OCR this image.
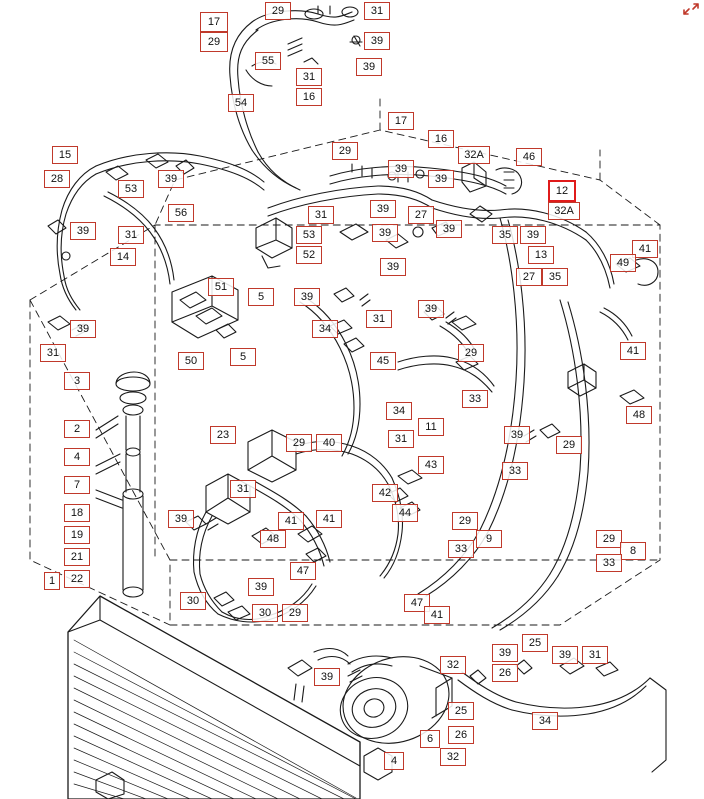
17
29
29	31
39
39
55
31
16
54
17
16
15
28
29
39
39
32A	46
12
32A
53
39
56	31
53
39	27
39	35	39
13
39	31
14
39
52
39
27	35
41
49
51
5	39
39
39
31
34
31
29	41
50	5	45
33
48
3
2
4
7
18
19
21
1	22
34
11
31
23
29	40
39
29
43
42
44
33
31
39	41	41
48
47
29
9
33
29
8
33
39
30
30	29
47
41
39
32
39
25
26
39	31
34
25
26
6
32
4
